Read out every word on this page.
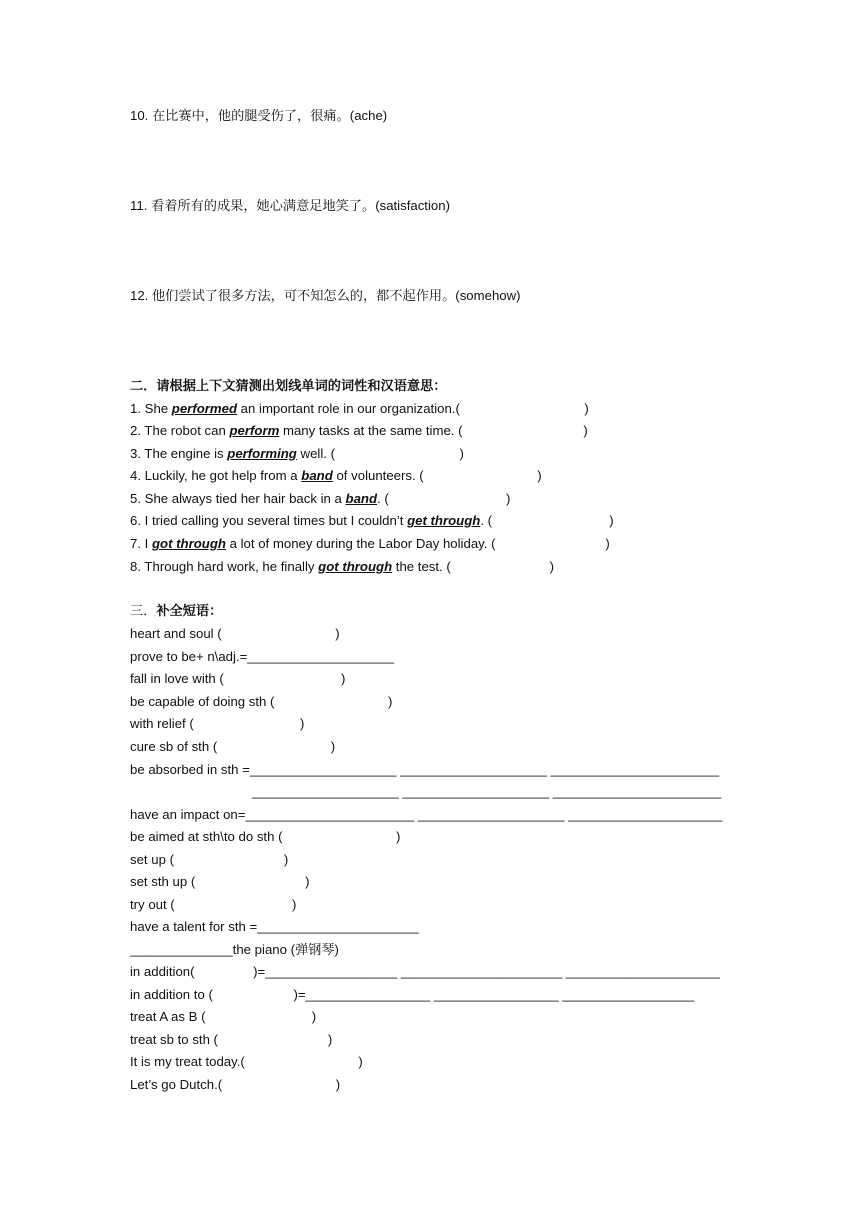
10. 在比赛中，他的腿受伤了，很痛。(ache)
11. 看着所有的成果，她心满意足地笑了。(satisfaction)
12. 他们尝试了很多方法，可不知怎么的，都不起作用。(somehow)
二．请根据上下文猜测出划线单词的词性和汉语意思：
1. She performed an important role in our organization.(                                  )
2. The robot can perform many tasks at the same time. (                                 )
3. The engine is performing well. (                                  )
4. Luckily, he got help from a band of volunteers. (                               )
5. She always tied her hair back in a band. (                                )
6. I tried calling you several times but I couldn’t get through. (                                )
7. I got through a lot of money during the Labor Day holiday. (                              )
8. Through hard work, he finally got through the test. (                           )
三．补全短语：
heart and soul (                               )
prove to be+ n\adj.=____________________
fall in love with (                                )
be capable of doing sth (                               )
with relief (                             )
cure sb of sth (                               )
be absorbed in sth =____________________ ____________________ _______________________
____________________ ____________________ _______________________
have an impact on=_______________________ ____________________ _____________________
be aimed at sth\to do sth (                               )
set up (                              )
set sth up (                              )
try out (                                )
have a talent for sth =______________________
______________the piano (弹钢琴)
in addition(                )=__________________ ______________________ _____________________
in addition to (                      )=_________________ _________________ __________________
treat A as B (                             )
treat sb to sth (                              )
It is my treat today.(                               )
Let’s go Dutch.(                               )
